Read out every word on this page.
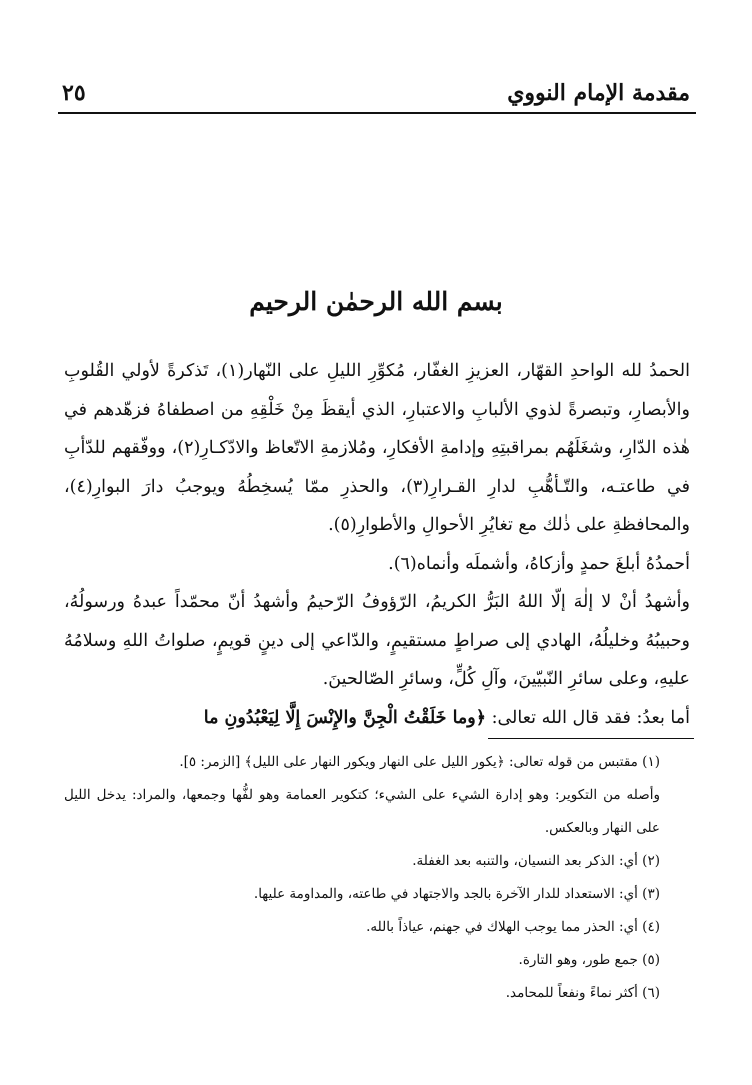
مقدمة الإمام النووي
٢٥
بسم الله الرحمٰن الرحيم

الحمدُ لله الواحدِ القهّار، العزيزِ الغفّار، مُكوِّرِ الليلِ على النّهار(١)، تَذكرةً لأولي القُلوبِ والأبصارِ، وتبصرةً لذوي الألبابِ والاعتبارِ، الذي أيقظَ مِنْ خَلْقِهِ من اصطفاهُ فزهّدهم في هٰذه الدّارِ، وشغَلَهُم بمراقبتِهِ وإدامةِ الأفكارِ، ومُلازمةِ الاتّعاظ والادّكـارِ(٢)، ووفّقهم للدّأبِ في طاعتـه، والتّـأهُّبِ لدارِ القـرارِ(٣)، والحذرِ ممّا يُسخِطُهُ ويوجبُ دارَ البوارِ(٤)، والمحافظةِ على ذٰلك مع تغايُرِ الأحوالِ والأطوارِ(٥).

أحمدُهُ أبلغَ حمدٍ وأزكاهُ، وأشملَه وأنماه(٦).

وأشهدُ أنْ لا إلٰهَ إلّا اللهُ البَرُّ الكريمُ، الرّؤوفُ الرّحيمُ وأشهدُ أنّ محمّداً عبدهُ ورسولُهُ، وحبيبُهُ وخليلُهُ، الهادي إلى صراطٍ مستقيمٍ، والدّاعي إلى دينٍ قويمٍ، صلواتُ اللهِ وسلامُهُ عليهِ، وعلى سائرِ النّبيّينَ، وآلِ كُلٍّ، وسائرِ الصّالحينَ.

أما بعدُ: فقد قال الله تعالى: ﴿وما خَلَقْتُ الْجِنَّ والإِنْسَ إِلَّا لِيَعْبُدُونِ ما

(١) مقتبس من قوله تعالى: ﴿يكور الليل على النهار ويكور النهار على الليل﴾ [الزمر: ٥].

وأصله من التكوير: وهو إدارة الشيء على الشيء؛ كتكوير العمامة وهو لفُّها وجمعها، والمراد: يدخل الليل على النهار وبالعكس.

(٢) أي: الذكر بعد النسيان، والتنبه بعد الغفلة.

(٣) أي: الاستعداد للدار الآخرة بالجد والاجتهاد في طاعته، والمداومة عليها.

(٤) أي: الحذر مما يوجب الهلاك في جهنم، عياذاً بالله.

(٥) جمع طور، وهو التارة.

(٦) أكثر نماءً ونفعاً للمحامد.
